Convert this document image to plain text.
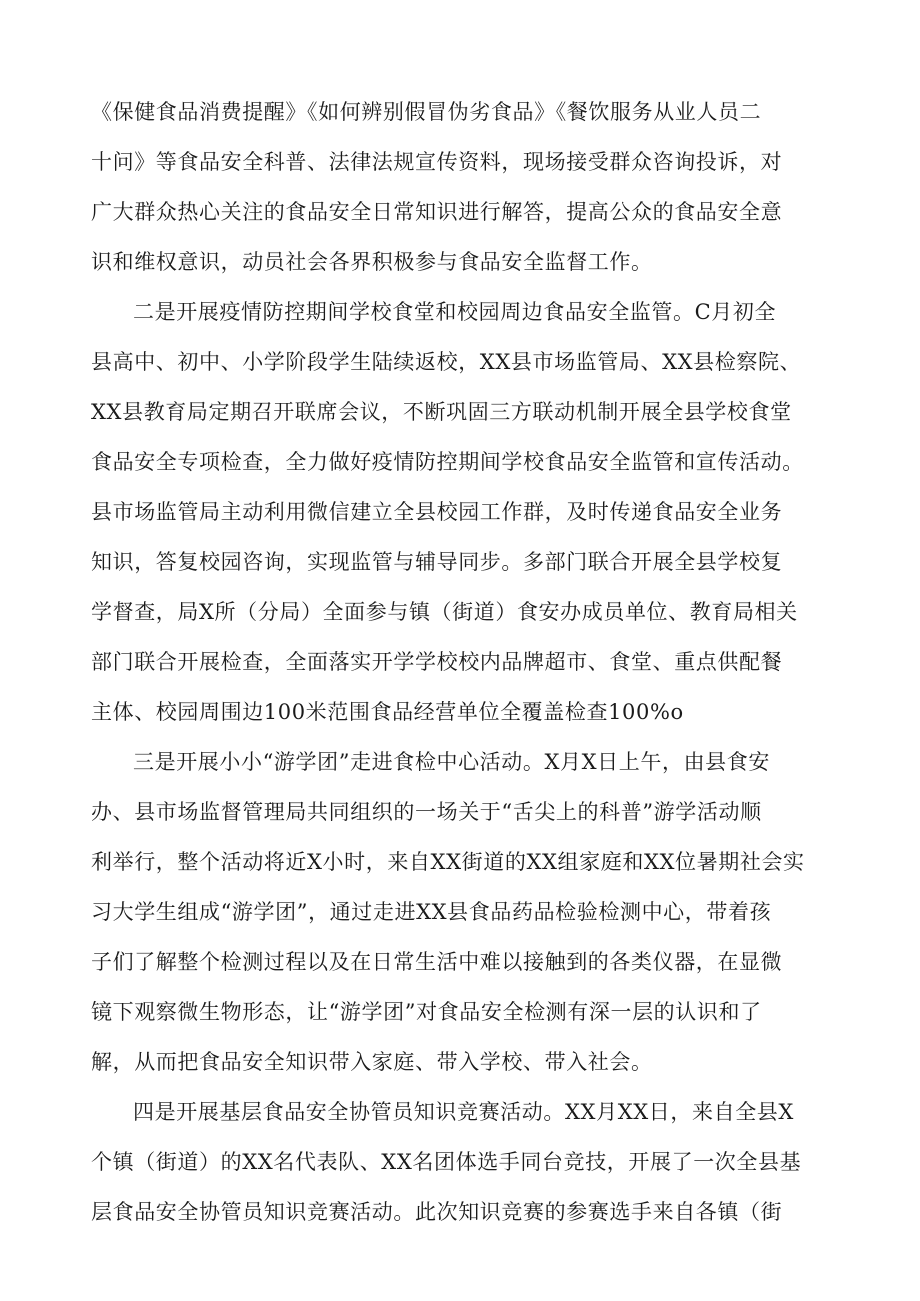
《保健食品消费提醒》《如何辨别假冒伪劣食品》《餐饮服务从业人员二
十问》等食品安全科普、法律法规宣传资料，现场接受群众咨询投诉，对
广大群众热心关注的食品安全日常知识进行解答，提高公众的食品安全意
识和维权意识，动员社会各界积极参与食品安全监督工作。
二是开展疫情防控期间学校食堂和校园周边食品安全监管。C月初全
县高中、初中、小学阶段学生陆续返校，XX县市场监管局、XX县检察院、
XX县教育局定期召开联席会议，不断巩固三方联动机制开展全县学校食堂
食品安全专项检查，全力做好疫情防控期间学校食品安全监管和宣传活动。
县市场监管局主动利用微信建立全县校园工作群，及时传递食品安全业务
知识，答复校园咨询，实现监管与辅导同步。多部门联合开展全县学校复
学督查，局X所（分局）全面参与镇（街道）食安办成员单位、教育局相关
部门联合开展检查，全面落实开学学校校内品牌超市、食堂、重点供配餐
主体、校园周围边100米范围食品经营单位全覆盖检查100%o
三是开展小小“游学团”走进食检中心活动。X月X日上午，由县食安
办、县市场监督管理局共同组织的一场关于“舌尖上的科普”游学活动顺
利举行，整个活动将近X小时，来自XX街道的XX组家庭和XX位暑期社会实
习大学生组成“游学团”，通过走进XX县食品药品检验检测中心，带着孩
子们了解整个检测过程以及在日常生活中难以接触到的各类仪器，在显微
镜下观察微生物形态，让“游学团”对食品安全检测有深一层的认识和了
解，从而把食品安全知识带入家庭、带入学校、带入社会。
四是开展基层食品安全协管员知识竞赛活动。XX月XX日，来自全县X
个镇（街道）的XX名代表队、XX名团体选手同台竞技，开展了一次全县基
层食品安全协管员知识竞赛活动。此次知识竞赛的参赛选手来自各镇（街
